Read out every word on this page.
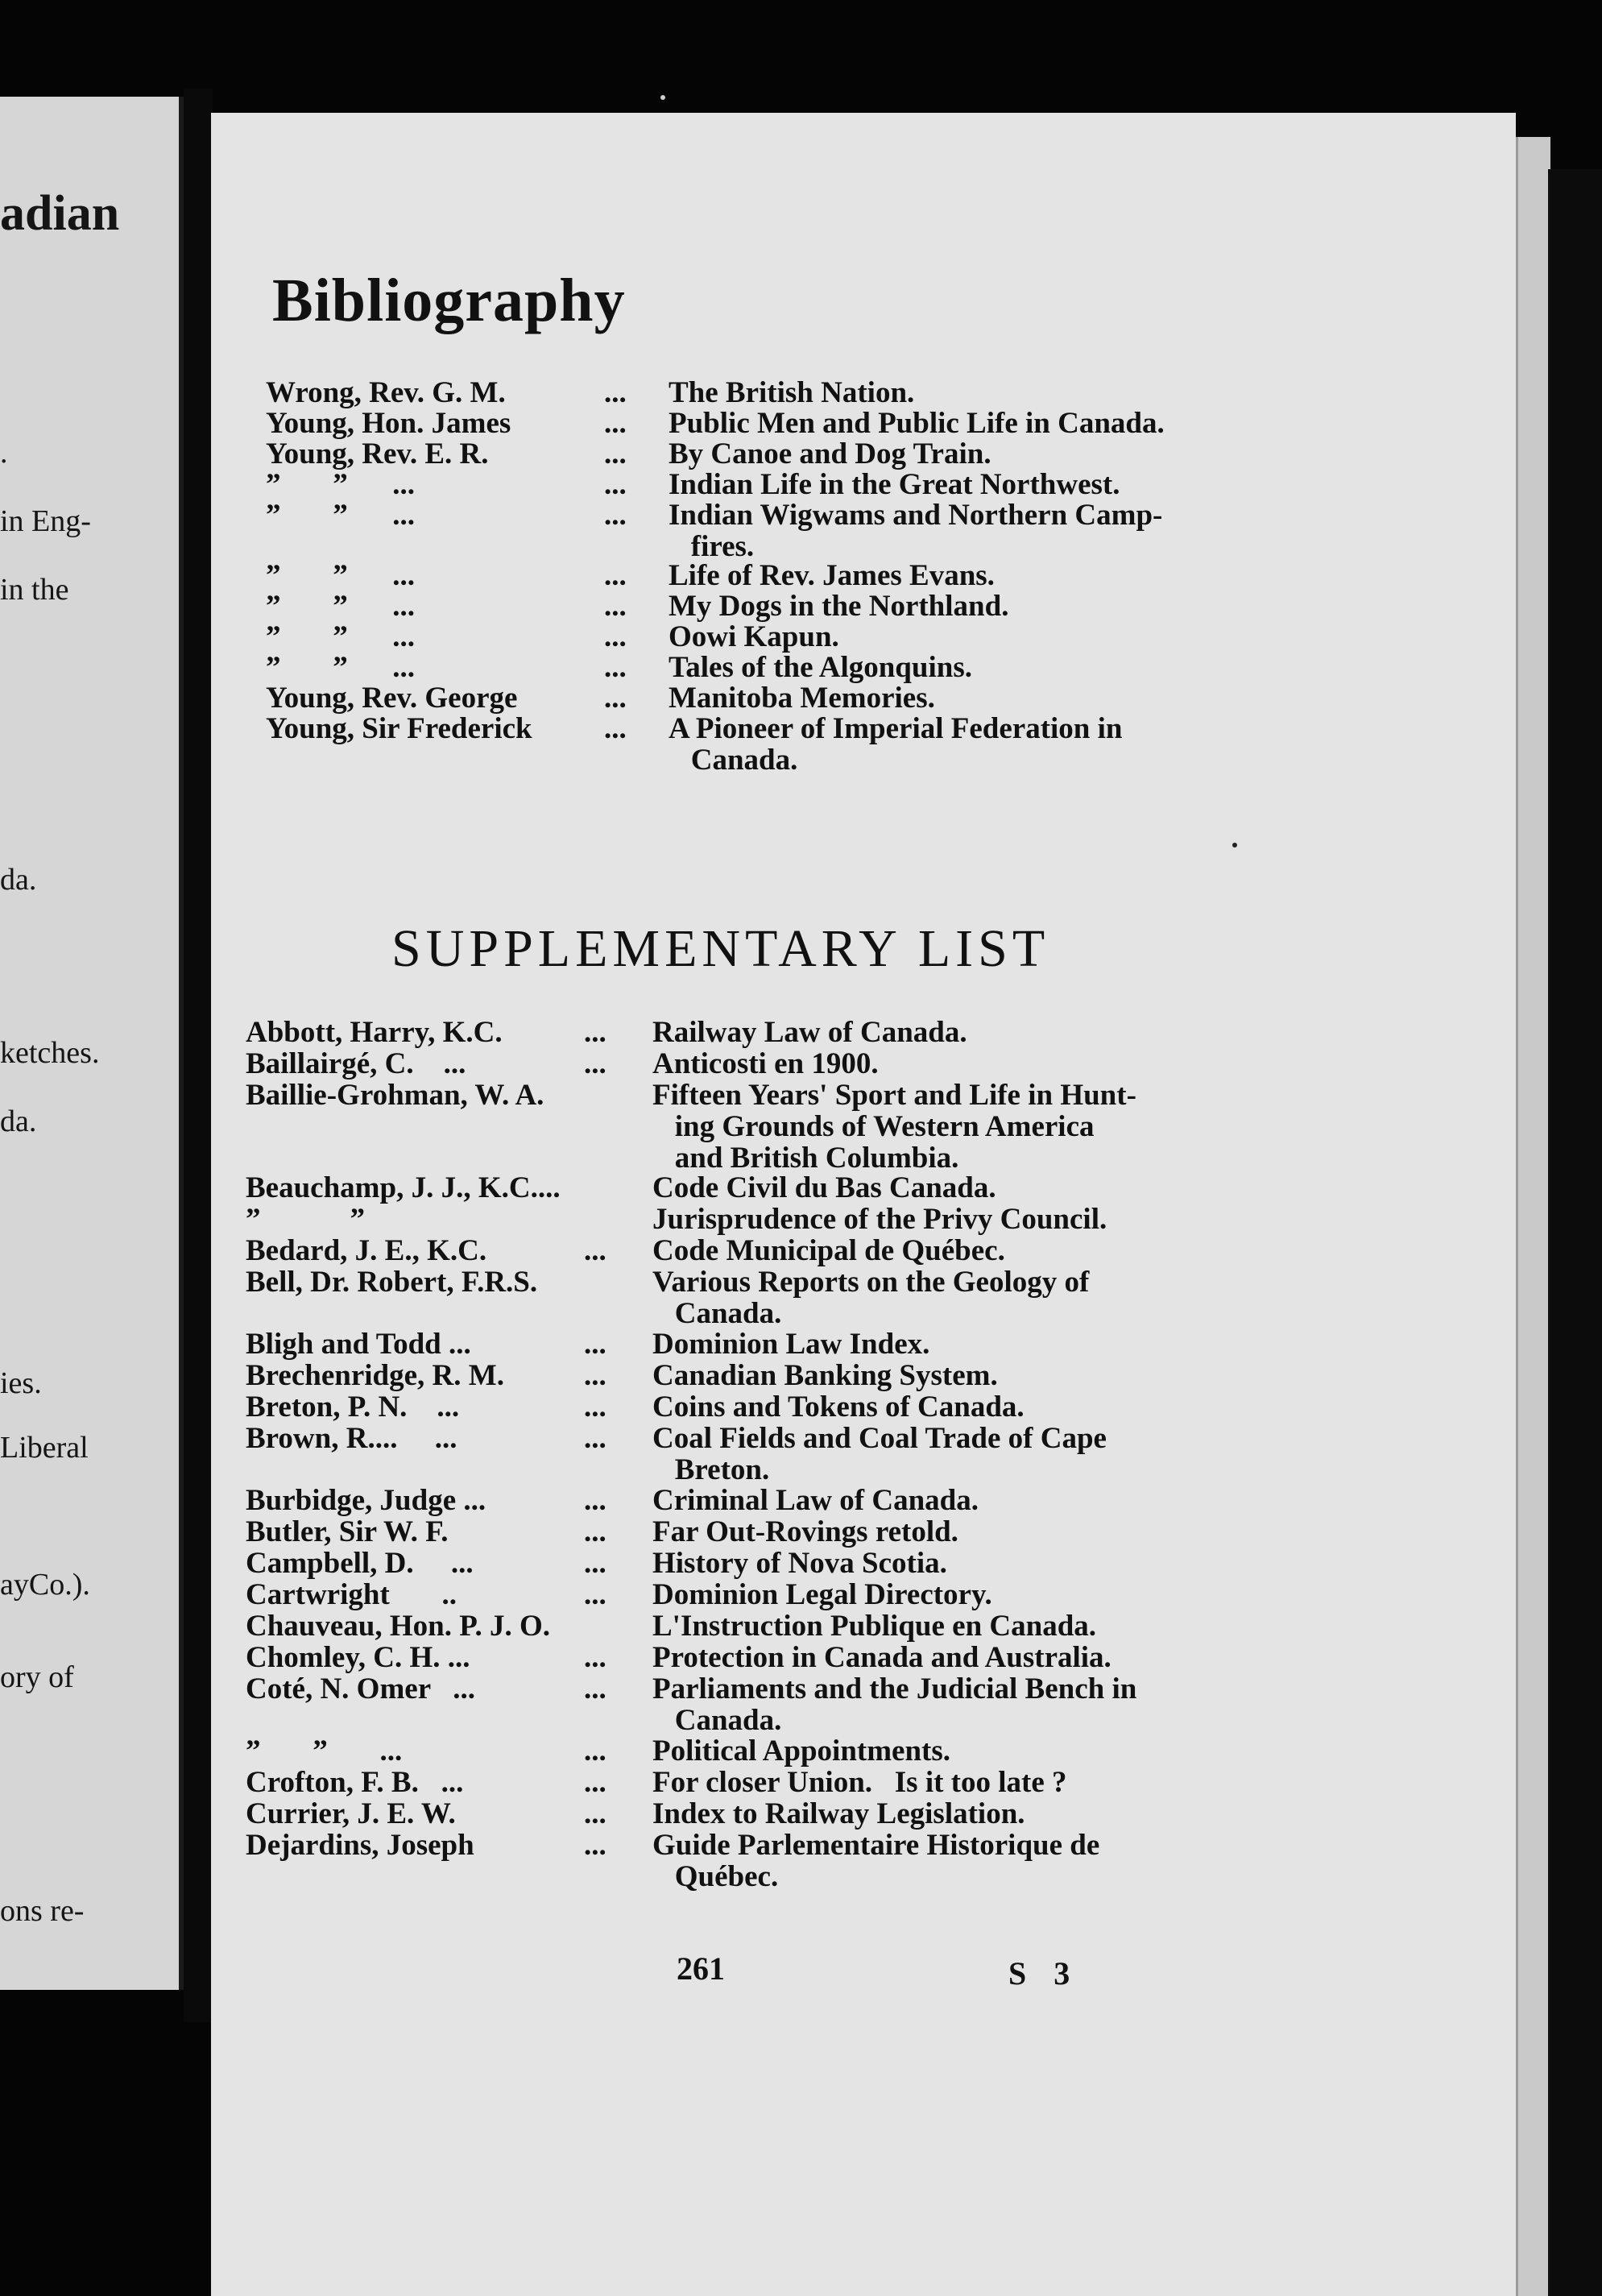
adian
.
in Eng-
in the
da.
ketches.
da.
ies.
Liberal
ayCo.).
ory of
ons re-
Bibliography
Wrong, Rev. G. M.	... The British Nation.
Young, Hon. James	... Public Men and Public Life in Canada.
Young, Rev. E. R.	... By Canoe and Dog Train.
”       ”      ...	... Indian Life in the Great Northwest.
”       ”      ...	... Indian Wigwams and Northern Camp-
fires.
”       ”      ...	... Life of Rev. James Evans.
”       ”      ...	... My Dogs in the Northland.
”       ”      ...	... Oowi Kapun.
”       ”      ...	... Tales of the Algonquins.
Young, Rev. George	... Manitoba Memories.
Young, Sir Frederick	... A Pioneer of Imperial Federation in
Canada.
SUPPLEMENTARY LIST
Abbott, Harry, K.C.	... Railway Law of Canada.
Baillairgé, C.    ...	... Anticosti en 1900.
Baillie-Grohman, W. A.	Fifteen Years' Sport and Life in Hunt-
ing Grounds of Western America
and British Columbia.
Beauchamp, J. J., K.C....	Code Civil du Bas Canada.
”            ”	Jurisprudence of the Privy Council.
Bedard, J. E., K.C.	... Code Municipal de Québec.
Bell, Dr. Robert, F.R.S.	Various Reports on the Geology of
Canada.
Bligh and Todd ...	... Dominion Law Index.
Brechenridge, R. M.	... Canadian Banking System.
Breton, P. N.    ...	... Coins and Tokens of Canada.
Brown, R....     ...	... Coal Fields and Coal Trade of Cape
Breton.
Burbidge, Judge ...	... Criminal Law of Canada.
Butler, Sir W. F.	... Far Out-Rovings retold.
Campbell, D.     ...	... History of Nova Scotia.
Cartwright       ..	... Dominion Legal Directory.
Chauveau, Hon. P. J. O.	L'Instruction Publique en Canada.
Chomley, C. H. ...	... Protection in Canada and Australia.
Coté, N. Omer   ...	... Parliaments and the Judicial Bench in
Canada.
”       ”       ...	... Political Appointments.
Crofton, F. B.   ...	... For closer Union.   Is it too late ?
Currier, J. E. W.	... Index to Railway Legislation.
Dejardins, Joseph	... Guide Parlementaire Historique de
Québec.
261	S 3
